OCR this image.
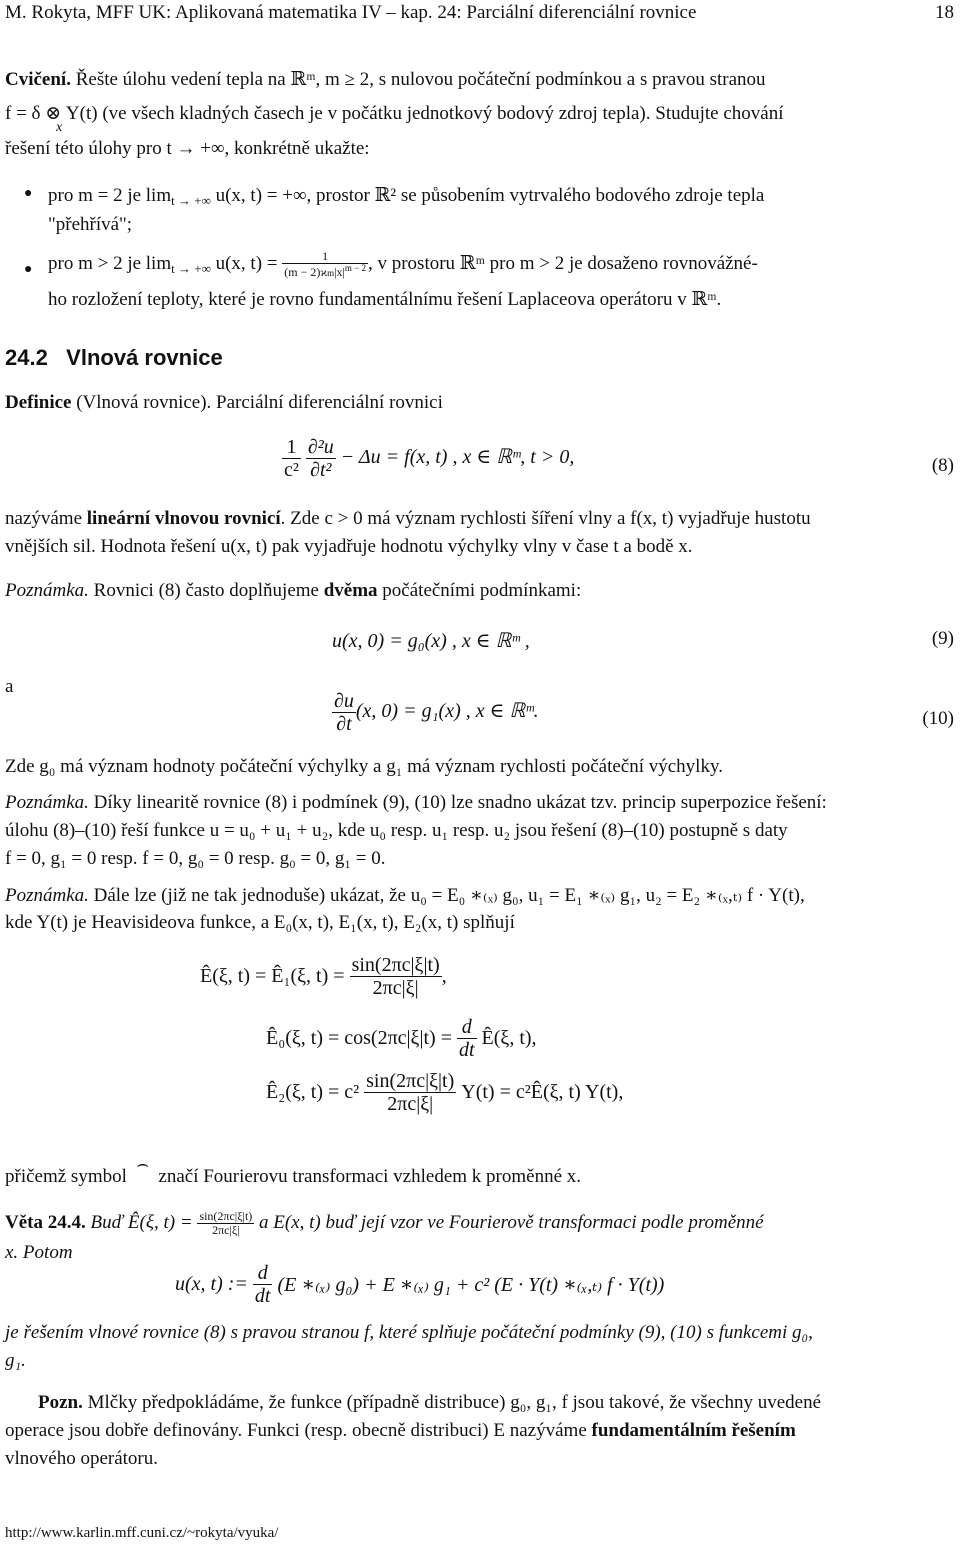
M. Rokyta, MFF UK: Aplikovaná matematika IV – kap. 24: Parciální diferenciální rovnice	18
Cvičení. Řešte úlohu vedení tepla na ℝᵐ, m ≥ 2, s nulovou počáteční podmínkou a s pravou stranou
f = δ ⊗ Y(t) (ve všech kladných časech je v počátku jednotkový bodový zdroj tepla). Studujte chování
x
řešení této úlohy pro t → +∞, konkrétně ukažte:
● pro m = 2 je $\lim_{t \to +\infty} u(x$, t) = +∞, prostor ℝ² se působením vytrvalého bodového zdroje tepla
"přehřívá";
● pro m > 2 je $\lim_{t \to +\infty} u(x$, $t) = \frac{1}{(m - 2)ϰm|x|^{m - 2}}$ , v prostoru ℝᵐ pro m > 2 je dosaženo rovnovážné-
ho rozložení teploty, které je rovno fundamentálnímu řešení Laplaceova operátoru v ℝᵐ.
24.2 Vlnová rovnice
Definice (Vlnová rovnice). Parciální diferenciální rovnici
$\frac{1}{\text{c²}}$
$\frac{\text{∂²u}}{\text{∂t²}} - \Delta u = f(x$, t) , x ∈ ℝᵐ, t > 0,	(8)
nazýváme lineární vlnovou rovnicí. Zde c > 0 má význam rychlosti šíření vlny a f(x, t) vyjadřuje hustotu
vnějších sil. Hodnota řešení u(x, t) pak vyjadřuje hodnotu výchylky vlny v čase t a bodě x.
Poznámka. Rovnici (8) často doplňujeme dvěma počátečními podmínkami:
u(x, 0) = g₀(x) , x ∈ ℝᵐ ,	(9)
a
$\frac{\partial u}{\partial t} (x$, 0) = g₁(x) , x ∈ ℝᵐ.	(10)
Zde g₀ má význam hodnoty počáteční výchylky a g₁ má význam rychlosti počáteční výchylky.
Poznámka. Díky linearitě rovnice (8) i podmínek (9), (10) lze snadno ukázat tzv. princip superpozice řešení:
úlohu (8)–(10) řeší funkce u = u₀ + u₁ + u₂, kde u₀ resp. u₁ resp. u₂ jsou řešení (8)–(10) postupně s daty
f = 0, g₁ = 0 resp. f = 0, g₀ = 0 resp. g₀ = 0, g₁ = 0.
Poznámka. Dále lze (již ne tak jednoduše) ukázat, že u₀ = E₀ ∗₍ₓ₎ g₀, u₁ = E₁ ∗₍ₓ₎ g₁, u₂ = E₂ ∗₍ₓ,ₜ₎ f · Y(t),
kde Y(t) je Heavisideova funkce, a E₀(x, t), E₁(x, t), E₂(x, t) splňují
Ê(ξ, t) = Ê₁(ξ, $t) = \frac{\sin(2\pi c|\xi|t)}{2\pi c|\xi|}$ ,
Ê₀(ξ, $t) = \cos(2\pi c|\xi|t) = \frac{d}{dt}$ Ê(ξ, t),
Ê₂(ξ, $t) = c^2 \frac{\sin(2\pi c|\xi|t)}{2\pi c|\xi|} Y(t)$ = c²Ê(ξ, t) Y(t),
přičemž symbol  ⌢  značí Fourierovu transformaci vzhledem k proměnné x.
Věta 24.4. Buď Ê(ξ, $t) = \frac{\sin(2\pi c|\xi|t)}{2\pi c|\xi|}$ a E(x, t) buď její vzor ve Fourierově transformaci podle proměnné
x. Potom
u(x, t) := $\frac{d}{dt} (E$ ∗₍ₓ₎ g₀) + E ∗₍ₓ₎ g₁ + c² (E · Y(t) ∗₍ₓ,ₜ₎ f · Y(t))
je řešením vlnové rovnice (8) s pravou stranou f, které splňuje počáteční podmínky (9), (10) s funkcemi g₀,
g₁.
Pozn. Mlčky předpokládáme, že funkce (případně distribuce) g₀, g₁, f jsou takové, že všechny uvedené
operace jsou dobře definovány. Funkci (resp. obecně distribuci) E nazýváme fundamentálním řešením
vlnového operátoru.
http://www.karlin.mff.cuni.cz/~rokyta/vyuka/
